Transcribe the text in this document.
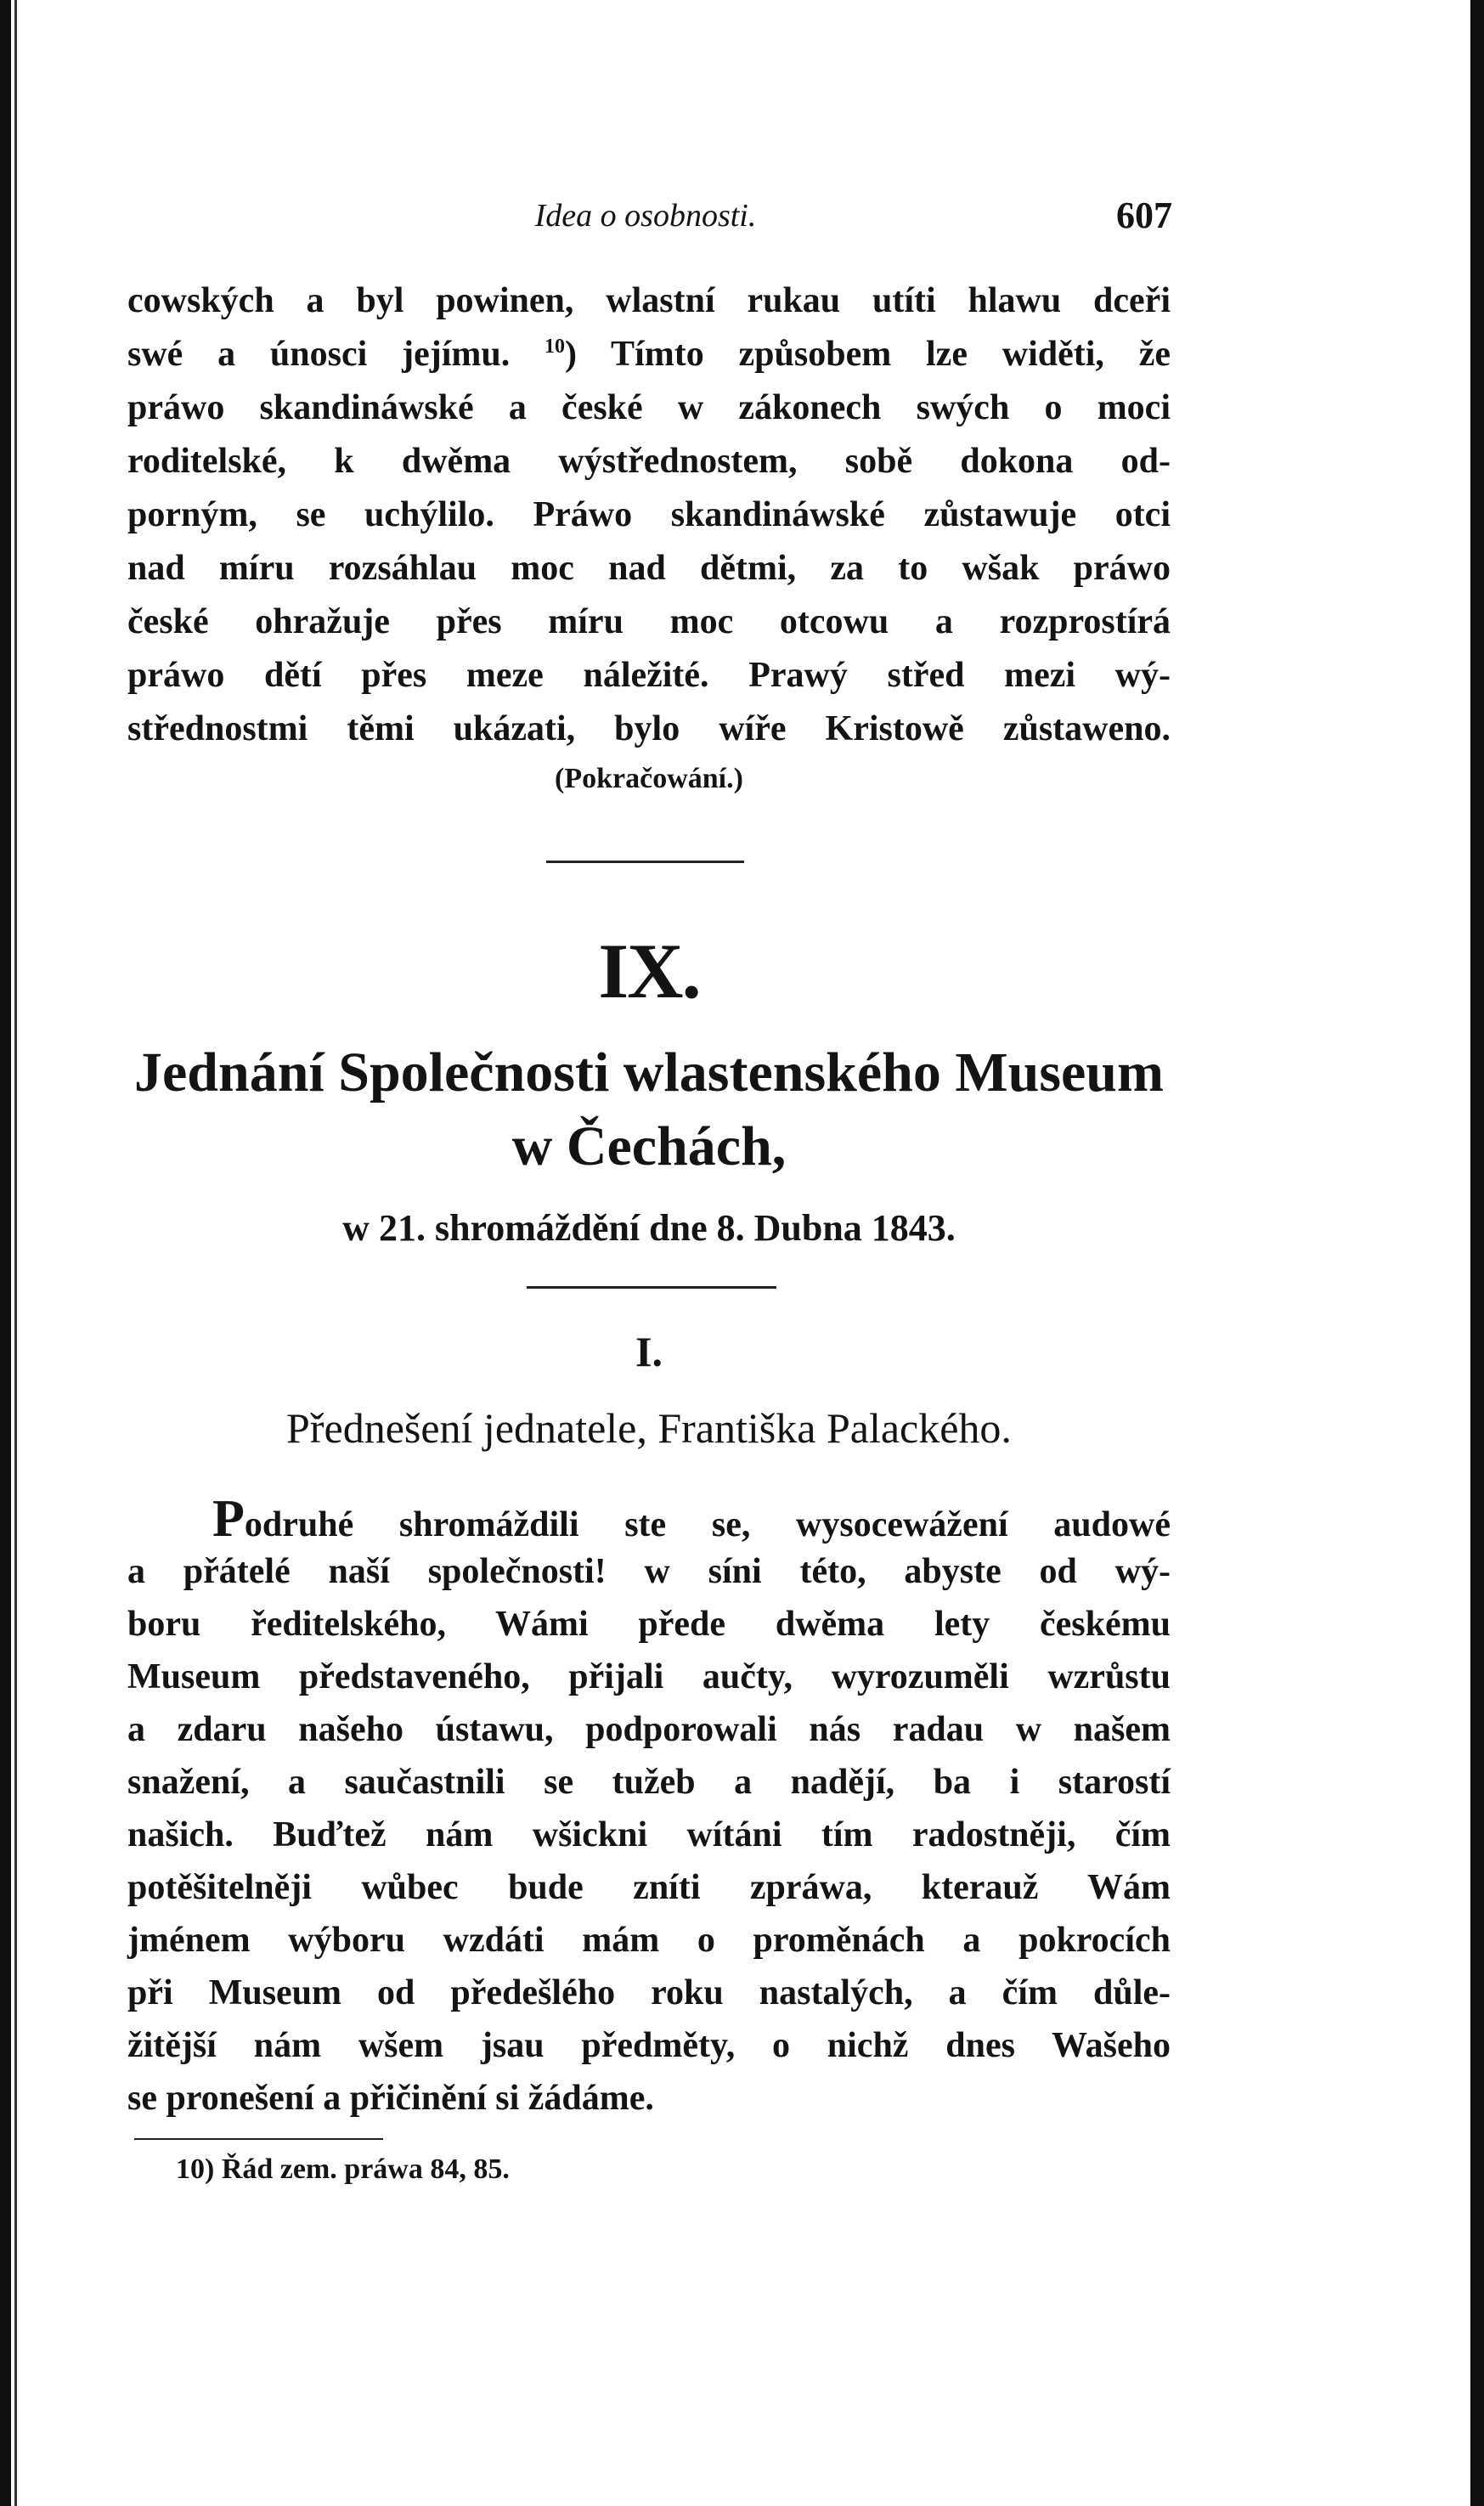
Idea o osobnosti.	607
cowských a byl powinen, wlastní rukau utíti hlawu dceři
swé a únosci jejímu. $^{10}$) Tímto způsobem lze widěti, že
práwo skandináwské a české w zákonech swých o moci
roditelské, k dwěma wýstřednostem, sobě dokona od-
porným, se uchýlilo. Práwo skandináwské zůstawuje otci
nad míru rozsáhlau moc nad dětmi, za to wšak práwo
české ohražuje přes míru moc otcowu a rozprostírá
práwo dětí přes meze náležité. Prawý střed mezi wý-
střednostmi těmi ukázati, bylo wíře Kristowě zůstaweno.
(Pokračowání.)
IX.
Jednání Společnosti wlastenského Museum
w Čechách,
w 21. shromáždění dne 8. Dubna 1843.
I.
Přednešení jednatele, Františka Palackého.
Podruhé shromáždili ste se, wysocewážení audowé
a přátelé naší společnosti! w síni této, abyste od wý-
boru ředitelského, Wámi přede dwěma lety českému
Museum představeného, přijali aučty, wyrozuměli wzrůstu
a zdaru našeho ústawu, podporowali nás radau w našem
snažení, a saučastnili se tužeb a nadějí, ba i starostí
našich. Buďtež nám wšickni wítáni tím radostněji, čím
potěšitelněji wůbec bude zníti zpráwa, kterauž Wám
jménem wýboru wzdáti mám o proměnách a pokrocích
při Museum od předešlého roku nastalých, a čím důle-
žitější nám wšem jsau předměty, o nichž dnes Wašeho
se pronešení a přičinění si žádáme.
10) Řád zem. práwa 84, 85.
